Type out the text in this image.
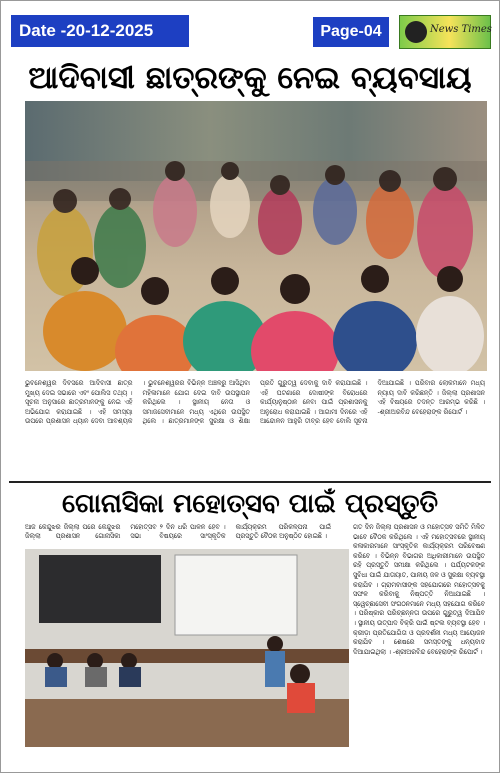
Date -20-12-2025	Page-04	News Times
ଆଦିବାସୀ ଛାତ୍ରଙ୍କୁ ନେଇ ବ୍ୟବସାୟ
ଭୁବନେଶ୍ୱର ଦିବସରେ ଆଦିବାସୀ ଛାତ୍ର ମୁଖ୍ୟ ଦେଇ ସଭାରେ ଏବଂ ପୋଲିସ ତଥ୍ୟ । ସୂଚନା ଅନୁସାରେ ଛାତ୍ରମାନଙ୍କୁ ନେଇ ଏହି ଅଭିଯୋଗ କରାଯାଇଛି । ଏହି ସମସ୍ୟା ଉପରେ ପ୍ରଶାସନ ଧ୍ୟାନ ଦେବା ଆବଶ୍ୟକ । ଭୁବନେଶ୍ୱରର ବିଭିନ୍ନ ଅଞ୍ଚଳରୁ ଆସିଥିବା ମହିଳାମାନେ ଯୋଗ ଦେଇ ଦାବି ଉପସ୍ଥାପନ କରିଥିଲେ । ସ୍ଥାନୀୟ ନେତା ଓ ସମାଜସେବୀମାନେ ମଧ୍ୟ ଏଥିରେ ଉପସ୍ଥିତ ଥିଲେ । ଛାତ୍ରମାନଙ୍କ ସୁରକ୍ଷା ଓ ଶିକ୍ଷା ପ୍ରତି ଗୁରୁତ୍ୱ ଦେବାକୁ ଦାବି କରାଯାଇଛି । ଏହି ଘଟଣାରେ ଦୋଷୀଙ୍କ ବିରୋଧରେ କାର୍ଯ୍ୟାନୁଷ୍ଠାନ ନେବା ପାଇଁ ପ୍ରଶାସନକୁ ଅନୁରୋଧ କରାଯାଇଛି । ଆଗାମୀ ଦିନରେ ଏହି ଆନ୍ଦୋଳନ ଆହୁରି ତୀବ୍ର ହେବ ବୋଲି ସୂଚନା ଦିଆଯାଇଛି । ପରିବାର ଲୋକମାନେ ମଧ୍ୟ ନ୍ୟାୟ ଦାବି କରିଛନ୍ତି । ଜିଲ୍ଲା ପ୍ରଶାସନ ଏହି ବିଷୟରେ ତଦନ୍ତ ଆରମ୍ଭ କରିଛି । -ଶ୍ରୀଅରବିନ୍ଦ ବେହେରାଙ୍କ ରିପୋର୍ଟ ।
ଗୋନାସିକା ମହୋତ୍ସବ ପାଇଁ ପ୍ରସ୍ତୁତି
ଆଜ କେନ୍ଦୁଝର ଜିଲ୍ଲା ପରେ କେନ୍ଦୁଝର ଜିଲ୍ଲା ପ୍ରଶାସନ ଗୋନାସିକା ମହୋତ୍ସବ ୨ ଦିନ ଧରି ପାଳନ ହେବ । ସଭା ବିଷୟରେ ସାଂସ୍କୃତିକ କାର୍ଯ୍ୟକ୍ରମ ପରିକଳ୍ପନା ପାଇଁ ପ୍ରସ୍ତୁତି ବୈଠକ ଅନୁଷ୍ଠିତ ହୋଇଛି ।
ଗତ ଦିନ ଜିଲ୍ଲା ପ୍ରଶାସନ ଓ ମହୋତ୍ସବ ସମିତି ମିଳିତ ଭାବେ ବୈଠକ କରିଥିଲେ । ଏହି ମହୋତ୍ସବରେ ସ୍ଥାନୀୟ କଳାକାରମାନେ ସାଂସ୍କୃତିକ କାର୍ଯ୍ୟକ୍ରମ ପରିବେଷଣ କରିବେ । ବିଭିନ୍ନ ବିଭାଗର ଅଧିକାରୀମାନେ ଉପସ୍ଥିତ ରହି ପ୍ରସ୍ତୁତି ସମୀକ୍ଷା କରିଥିଲେ । ପର୍ଯ୍ୟଟକଙ୍କ ସୁବିଧା ପାଇଁ ଯାତାୟାତ, ପାନୀୟ ଜଳ ଓ ସୁରକ୍ଷା ବ୍ୟବସ୍ଥା କରାଯିବ । ଗ୍ରାମବାସୀଙ୍କ ସହଯୋଗରେ ମହୋତ୍ସବକୁ ସଫଳ କରିବାକୁ ନିଷ୍ପତ୍ତି ନିଆଯାଇଛି । ସ୍ୱେଚ୍ଛାସେବୀ ସଂଗଠନମାନେ ମଧ୍ୟ ସହଯୋଗ କରିବେ । ପରିଷ୍କାର ପରିଚ୍ଛନ୍ନତା ଉପରେ ଗୁରୁତ୍ୱ ଦିଆଯିବ । ସ୍ଥାନୀୟ ଉତ୍ପାଦ ବିକ୍ରି ପାଇଁ ଷ୍ଟଲ ବ୍ୟବସ୍ଥା ହେବ । କ୍ରୀଡ଼ା ପ୍ରତିଯୋଗିତା ଓ ପ୍ରଦର୍ଶନୀ ମଧ୍ୟ ଆୟୋଜନ କରାଯିବ । ଶେଷରେ ସମସ୍ତଙ୍କୁ ଧନ୍ୟବାଦ ଦିଆଯାଇଥିଲା । -ଶ୍ରୀଅରବିନ୍ଦ ବେହେରାଙ୍କ ରିପୋର୍ଟ ।
